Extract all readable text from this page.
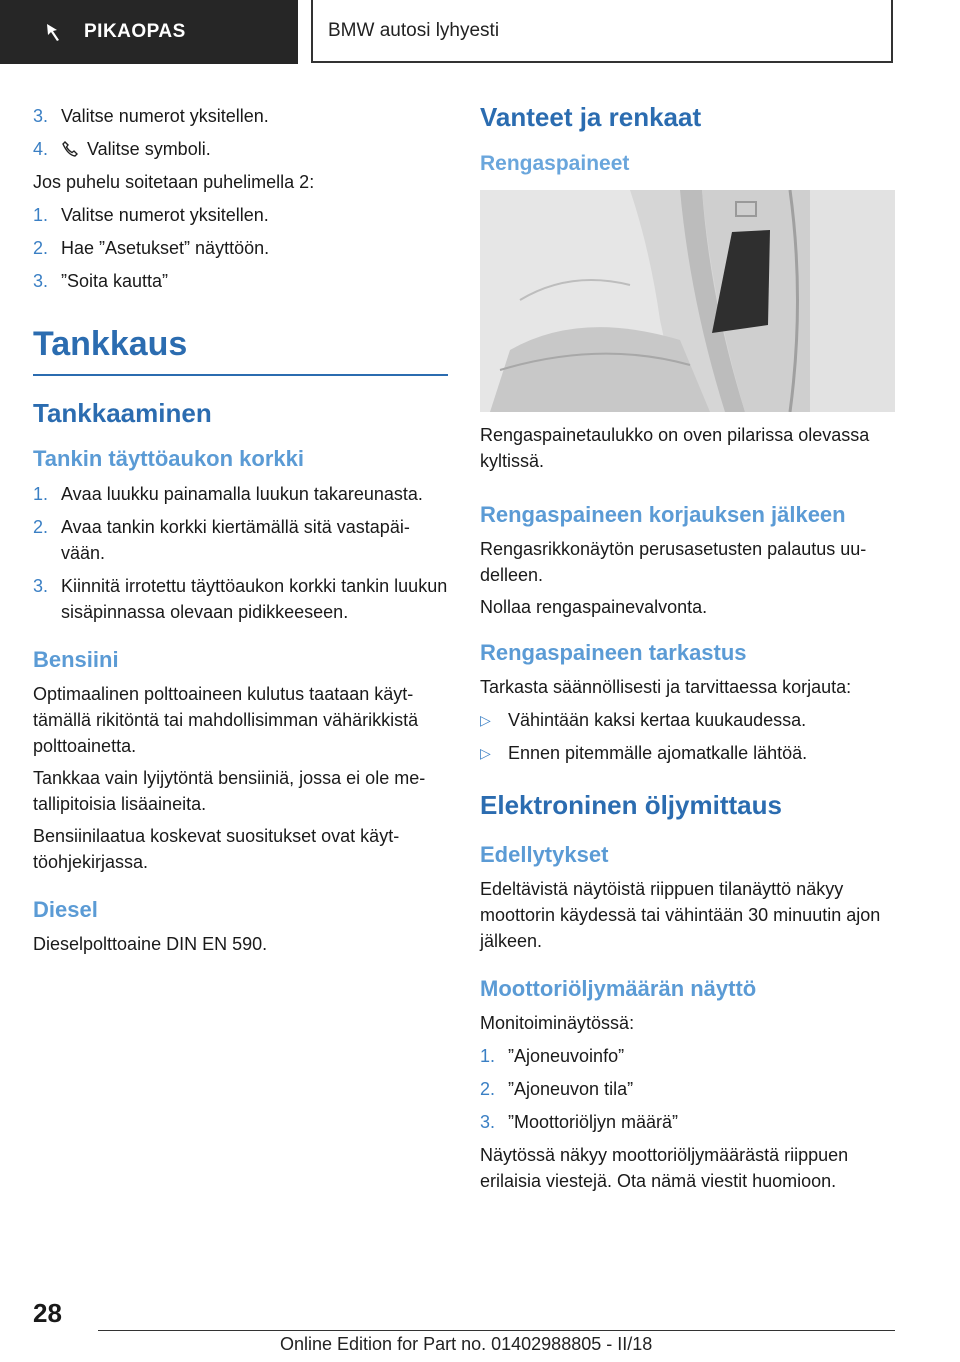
PIKAOPAS	BMW autosi lyhyesti
3. Valitse numerot yksitellen.
4.	Valitse symboli.

Jos puhelu soitetaan puhelimella 2:

1. Valitse numerot yksitellen.
2. Hae ”Asetukset” näyttöön.
3. ”Soita kautta”
Tankkaus
Tankkaaminen
Tankin täyttöaukon korkki
1. Avaa luukku painamalla luukun takareunasta.
2. Avaa tankin korkki kiertämällä sitä vastapäi‐ vään.
3. Kiinnitä irrotettu täyttöaukon korkki tankin luukun sisäpinnassa olevaan pidikkeeseen.
Bensiini

Optimaalinen polttoaineen kulutus taataan käyt‐ tämällä rikitöntä tai mahdollisimman vähärikkistä polttoainetta.

Tankkaa vain lyijytöntä bensiiniä, jossa ei ole me‐ tallipitoisia lisäaineita.

Bensiinilaatua koskevat suositukset ovat käyt‐ töohjekirjassa.

Diesel

Dieselpolttoaine DIN EN 590.

Vanteet ja renkaat
Rengaspaineet

Rengaspainetaulukko on oven pilarissa olevassa kyltissä.

Rengaspaineen korjauksen jälkeen

Rengasrikkonäytön perusasetusten palautus uu‐ delleen.

Nollaa rengaspainevalvonta.

Rengaspaineen tarkastus

Tarkasta säännöllisesti ja tarvittaessa korjauta:

▷ Vähintään kaksi kertaa kuukaudessa.
▷ Ennen pitemmälle ajomatkalle lähtöä.
Elektroninen öljymittaus
Edellytykset

Edeltävistä näytöistä riippuen tilanäyttö näkyy moottorin käydessä tai vähintään 30 minuutin ajon jälkeen.

Moottoriöljymäärän näyttö

Monitoiminäytössä:

1. ”Ajoneuvoinfo”
2. ”Ajoneuvon tila”
3. ”Moottoriöljyn määrä”

Näytössä näkyy moottoriöljymäärästä riippuen erilaisia viestejä. Ota nämä viestit huomioon.

28
Online Edition for Part no. 01402988805 - II/18
